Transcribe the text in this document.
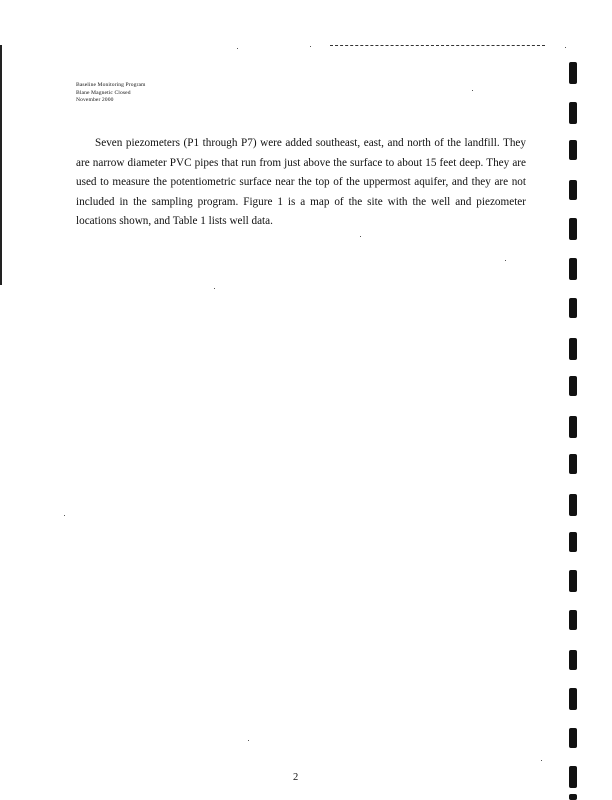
Baseline Monitoring Program
Blane Magnetic Closed
November 2000

Seven piezometers (P1 through P7) were added southeast, east, and north of the landfill. They are narrow diameter PVC pipes that run from just above the surface to about 15 feet deep. They are used to measure the potentiometric surface near the top of the uppermost aquifer, and they are not included in the sampling program. Figure 1 is a map of the site with the well and piezometer locations shown, and Table 1 lists well data.

2
